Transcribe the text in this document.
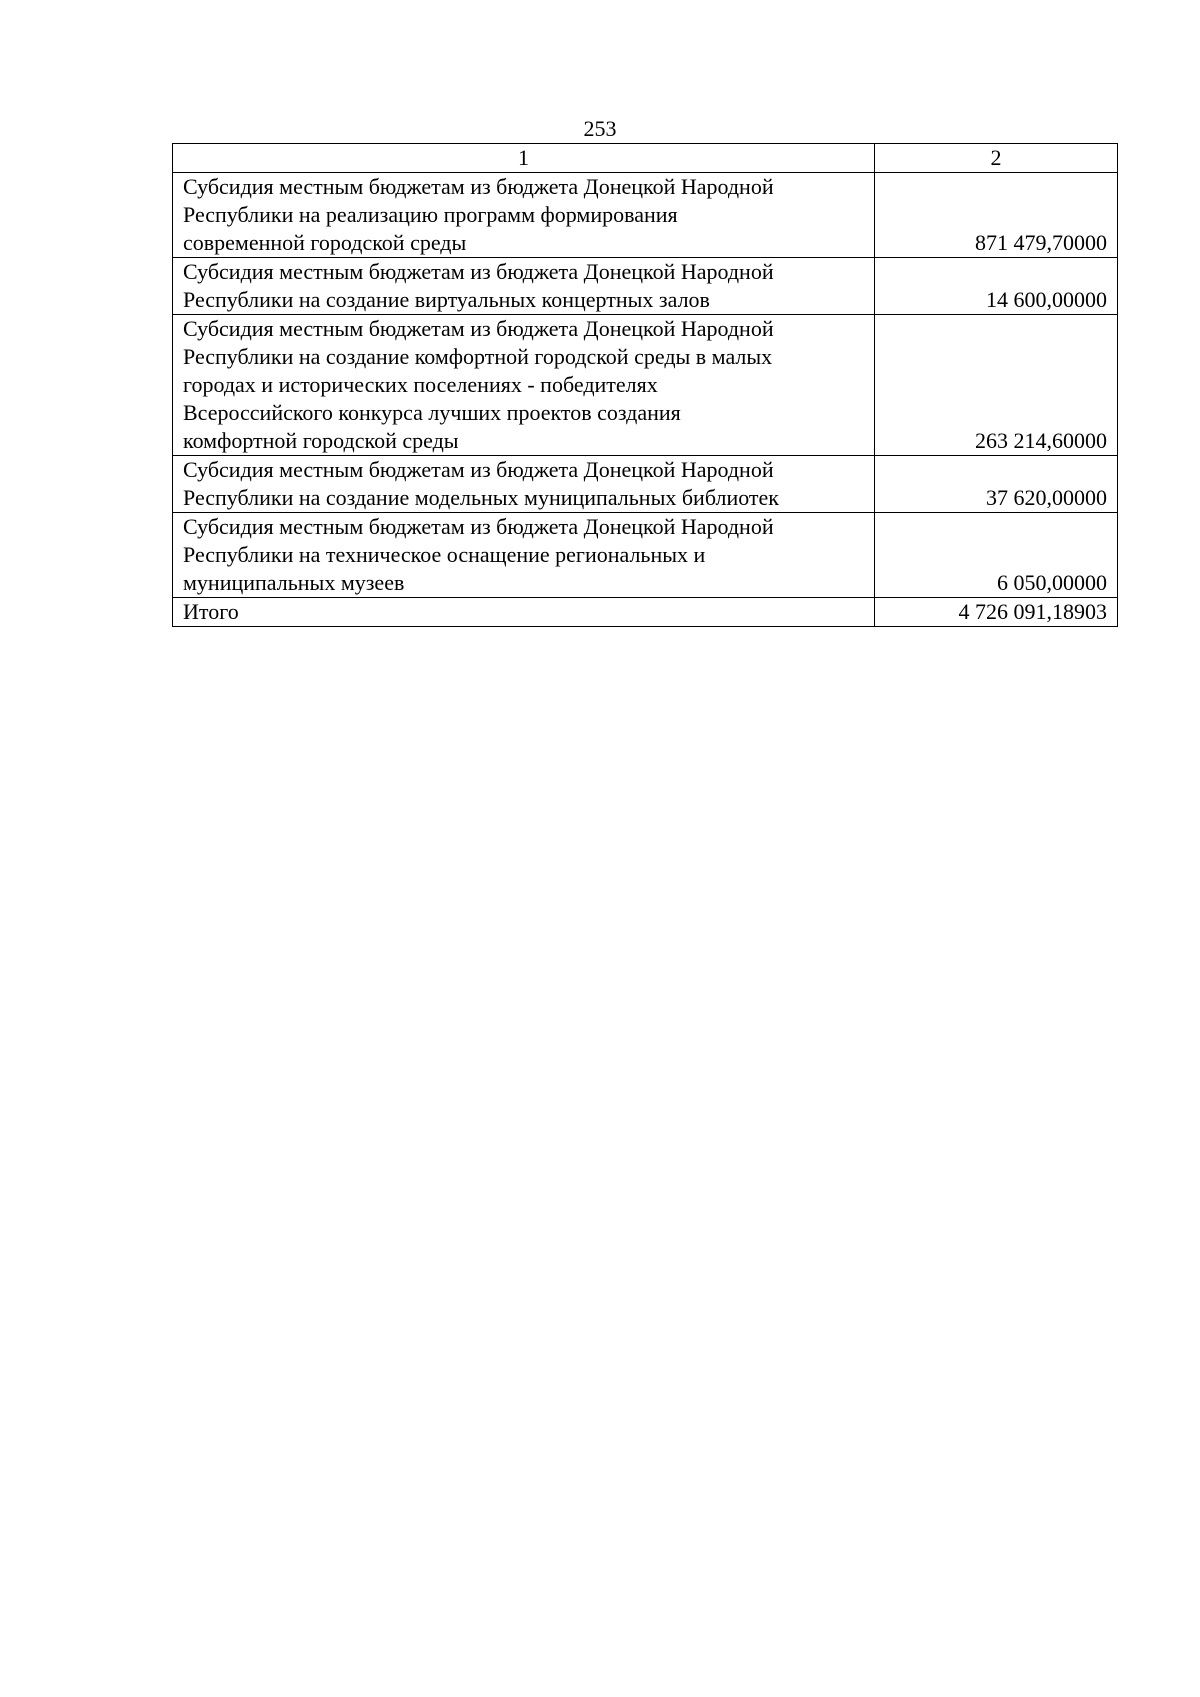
253
1	2

Субсидия местным бюджетам из бюджета Донецкой Народной
Республики на реализацию программ формирования
современной городской среды	871 479,70000

Субсидия местным бюджетам из бюджета Донецкой Народной
Республики на создание виртуальных концертных залов	14 600,00000

Субсидия местным бюджетам из бюджета Донецкой Народной
Республики на создание комфортной городской среды в малых
городах и исторических поселениях - победителях
Всероссийского конкурса лучших проектов создания
комфортной городской среды	263 214,60000

Субсидия местным бюджетам из бюджета Донецкой Народной
Республики на создание модельных муниципальных библиотек	37 620,00000

Субсидия местным бюджетам из бюджета Донецкой Народной
Республики на техническое оснащение региональных и
муниципальных музеев	6 050,00000
Итого	4 726 091,18903
